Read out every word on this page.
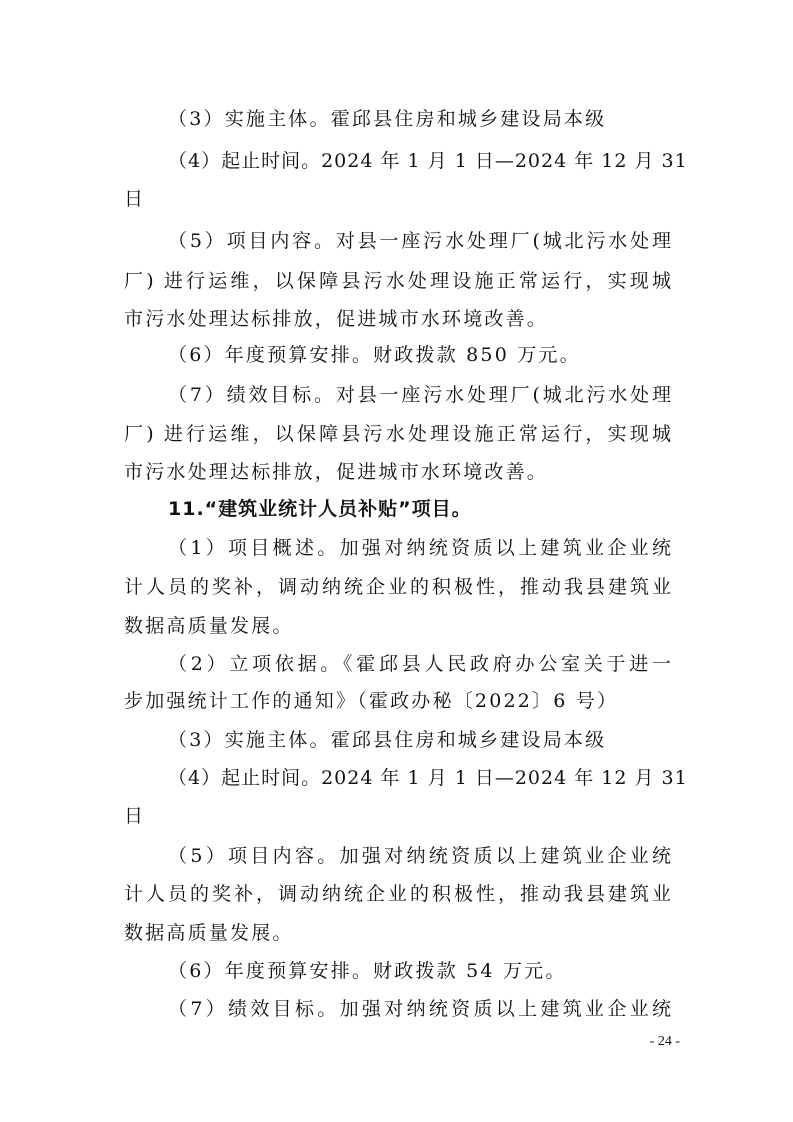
（3）实施主体。霍邱县住房和城乡建设局本级
（4）起止时间。2024 年 1 月 1 日—2024 年 12 月 31
日
（5）项目内容。对县一座污水处理厂(城北污水处理
厂) 进行运维，以保障县污水处理设施正常运行，实现城
市污水处理达标排放，促进城市水环境改善。
（6）年度预算安排。财政拨款 850 万元。
（7）绩效目标。对县一座污水处理厂(城北污水处理
厂) 进行运维，以保障县污水处理设施正常运行，实现城
市污水处理达标排放，促进城市水环境改善。
11.“建筑业统计人员补贴”项目。
（1）项目概述。加强对纳统资质以上建筑业企业统
计人员的奖补，调动纳统企业的积极性，推动我县建筑业
数据高质量发展。
（2）立项依据。《霍邱县人民政府办公室关于进一
步加强统计工作的通知》（霍政办秘〔2022〕6 号）
（3）实施主体。霍邱县住房和城乡建设局本级
（4）起止时间。2024 年 1 月 1 日—2024 年 12 月 31
日
（5）项目内容。加强对纳统资质以上建筑业企业统
计人员的奖补，调动纳统企业的积极性，推动我县建筑业
数据高质量发展。
（6）年度预算安排。财政拨款 54 万元。
（7）绩效目标。加强对纳统资质以上建筑业企业统
- 24 -
